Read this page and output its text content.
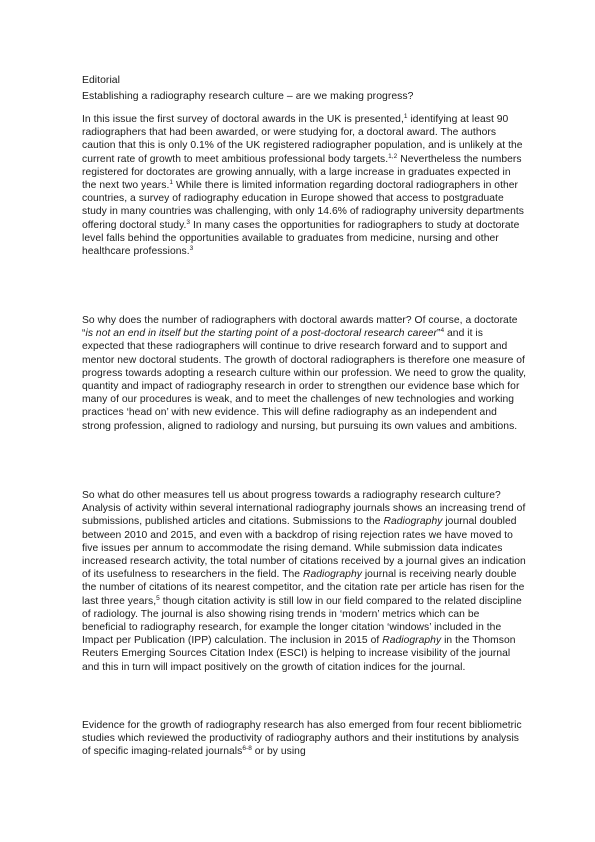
Editorial
Establishing a radiography research culture – are we making progress?

In this issue the first survey of doctoral awards in the UK is presented,$^1$ identifying at least 90 radiographers that had been awarded, or were studying for, a doctoral award. The authors caution that this is only 0.1% of the UK registered radiographer population, and is unlikely at the current rate of growth to meet ambitious professional body targets.$^{1,2}$ Nevertheless the numbers registered for doctorates are growing annually, with a large increase in graduates expected in the next two years.$^1$ While there is limited information regarding doctoral radiographers in other countries, a survey of radiography education in Europe showed that access to postgraduate study in many countries was challenging, with only 14.6% of radiography university departments offering doctoral study.$^3$ In many cases the opportunities for radiographers to study at doctorate level falls behind the opportunities available to graduates from medicine, nursing and other healthcare professions.$^3$

So why does the number of radiographers with doctoral awards matter? Of course, a doctorate “is not an end in itself but the starting point of a post-doctoral research career”$^4$ and it is expected that these radiographers will continue to drive research forward and to support and mentor new doctoral students. The growth of doctoral radiographers is therefore one measure of progress towards adopting a research culture within our profession. We need to grow the quality, quantity and impact of radiography research in order to strengthen our evidence base which for many of our procedures is weak, and to meet the challenges of new technologies and working practices ‘head on’ with new evidence. This will define radiography as an independent and strong profession, aligned to radiology and nursing, but pursuing its own values and ambitions.

So what do other measures tell us about progress towards a radiography research culture? Analysis of activity within several international radiography journals shows an increasing trend of submissions, published articles and citations. Submissions to the Radiography journal doubled between 2010 and 2015, and even with a backdrop of rising rejection rates we have moved to five issues per annum to accommodate the rising demand. While submission data indicates increased research activity, the total number of citations received by a journal gives an indication of its usefulness to researchers in the field. The Radiography journal is receiving nearly double the number of citations of its nearest competitor, and the citation rate per article has risen for the last three years,$^5$ though citation activity is still low in our field compared to the related discipline of radiology. The journal is also showing rising trends in ‘modern’ metrics which can be beneficial to radiography research, for example the longer citation ‘windows’ included in the Impact per Publication (IPP) calculation. The inclusion in 2015 of Radiography in the Thomson Reuters Emerging Sources Citation Index (ESCI) is helping to increase visibility of the journal and this in turn will impact positively on the growth of citation indices for the journal.

Evidence for the growth of radiography research has also emerged from four recent bibliometric studies which reviewed the productivity of radiography authors and their institutions by analysis of specific imaging-related journals$^{6-8}$ or by using
